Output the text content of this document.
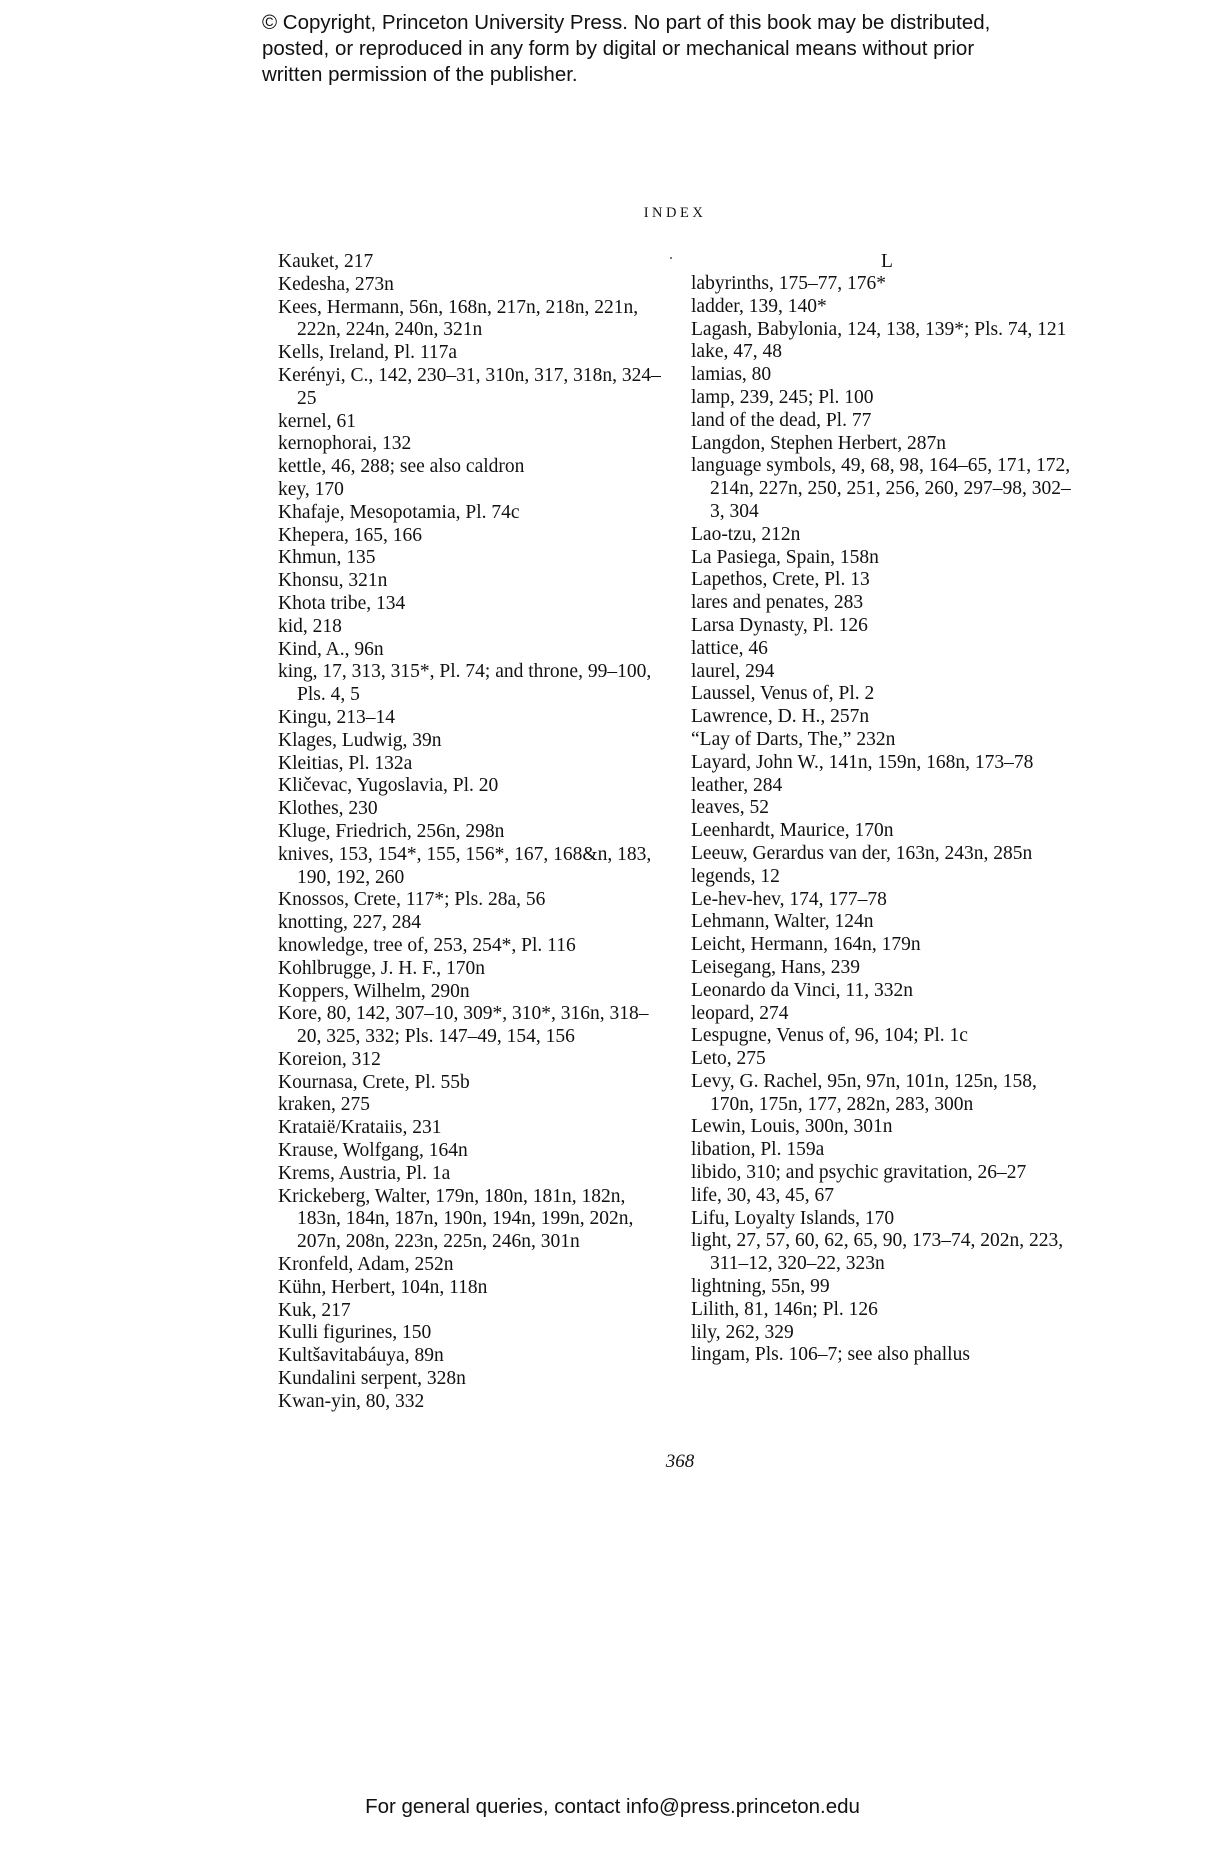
© Copyright, Princeton University Press. No part of this book may be distributed, posted, or reproduced in any form by digital or mechanical means without prior written permission of the publisher.
INDEX

Kauket, 217

Kedesha, 273n

Kees, Hermann, 56n, 168n, 217n, 218n, 221n, 222n, 224n, 240n, 321n

Kells, Ireland, Pl. 117a

Kerényi, C., 142, 230–31, 310n, 317, 318n, 324–25

kernel, 61

kernophorai, 132

kettle, 46, 288; see also caldron

key, 170

Khafaje, Mesopotamia, Pl. 74c

Khepera, 165, 166

Khmun, 135

Khonsu, 321n

Khota tribe, 134

kid, 218

Kind, A., 96n

king, 17, 313, 315*, Pl. 74; and throne, 99–100, Pls. 4, 5

Kingu, 213–14

Klages, Ludwig, 39n

Kleitias, Pl. 132a

Kličevac, Yugoslavia, Pl. 20

Klothes, 230

Kluge, Friedrich, 256n, 298n

knives, 153, 154*, 155, 156*, 167, 168&n, 183, 190, 192, 260

Knossos, Crete, 117*; Pls. 28a, 56

knotting, 227, 284

knowledge, tree of, 253, 254*, Pl. 116

Kohlbrugge, J. H. F., 170n

Koppers, Wilhelm, 290n

Kore, 80, 142, 307–10, 309*, 310*, 316n, 318–20, 325, 332; Pls. 147–49, 154, 156

Koreion, 312

Kournasa, Crete, Pl. 55b

kraken, 275

Krataië/Krataiis, 231

Krause, Wolfgang, 164n

Krems, Austria, Pl. 1a

Krickeberg, Walter, 179n, 180n, 181n, 182n, 183n, 184n, 187n, 190n, 194n, 199n, 202n, 207n, 208n, 223n, 225n, 246n, 301n

Kronfeld, Adam, 252n

Kühn, Herbert, 104n, 118n

Kuk, 217

Kulli figurines, 150

Kultšavitabáuya, 89n

Kundalini serpent, 328n

Kwan-yin, 80, 332

L

labyrinths, 175–77, 176*

ladder, 139, 140*

Lagash, Babylonia, 124, 138, 139*; Pls. 74, 121

lake, 47, 48

lamias, 80

lamp, 239, 245; Pl. 100

land of the dead, Pl. 77

Langdon, Stephen Herbert, 287n

language symbols, 49, 68, 98, 164–65, 171, 172, 214n, 227n, 250, 251, 256, 260, 297–98, 302–3, 304

Lao-tzu, 212n

La Pasiega, Spain, 158n

Lapethos, Crete, Pl. 13

lares and penates, 283

Larsa Dynasty, Pl. 126

lattice, 46

laurel, 294

Laussel, Venus of, Pl. 2

Lawrence, D. H., 257n

“Lay of Darts, The,” 232n

Layard, John W., 141n, 159n, 168n, 173–78

leather, 284

leaves, 52

Leenhardt, Maurice, 170n

Leeuw, Gerardus van der, 163n, 243n, 285n

legends, 12

Le-hev-hev, 174, 177–78

Lehmann, Walter, 124n

Leicht, Hermann, 164n, 179n

Leisegang, Hans, 239

Leonardo da Vinci, 11, 332n

leopard, 274

Lespugne, Venus of, 96, 104; Pl. 1c

Leto, 275

Levy, G. Rachel, 95n, 97n, 101n, 125n, 158, 170n, 175n, 177, 282n, 283, 300n

Lewin, Louis, 300n, 301n

libation, Pl. 159a

libido, 310; and psychic gravitation, 26–27

life, 30, 43, 45, 67

Lifu, Loyalty Islands, 170

light, 27, 57, 60, 62, 65, 90, 173–74, 202n, 223, 311–12, 320–22, 323n

lightning, 55n, 99

Lilith, 81, 146n; Pl. 126

lily, 262, 329

lingam, Pls. 106–7; see also phallus

368
For general queries, contact info@press.princeton.edu
